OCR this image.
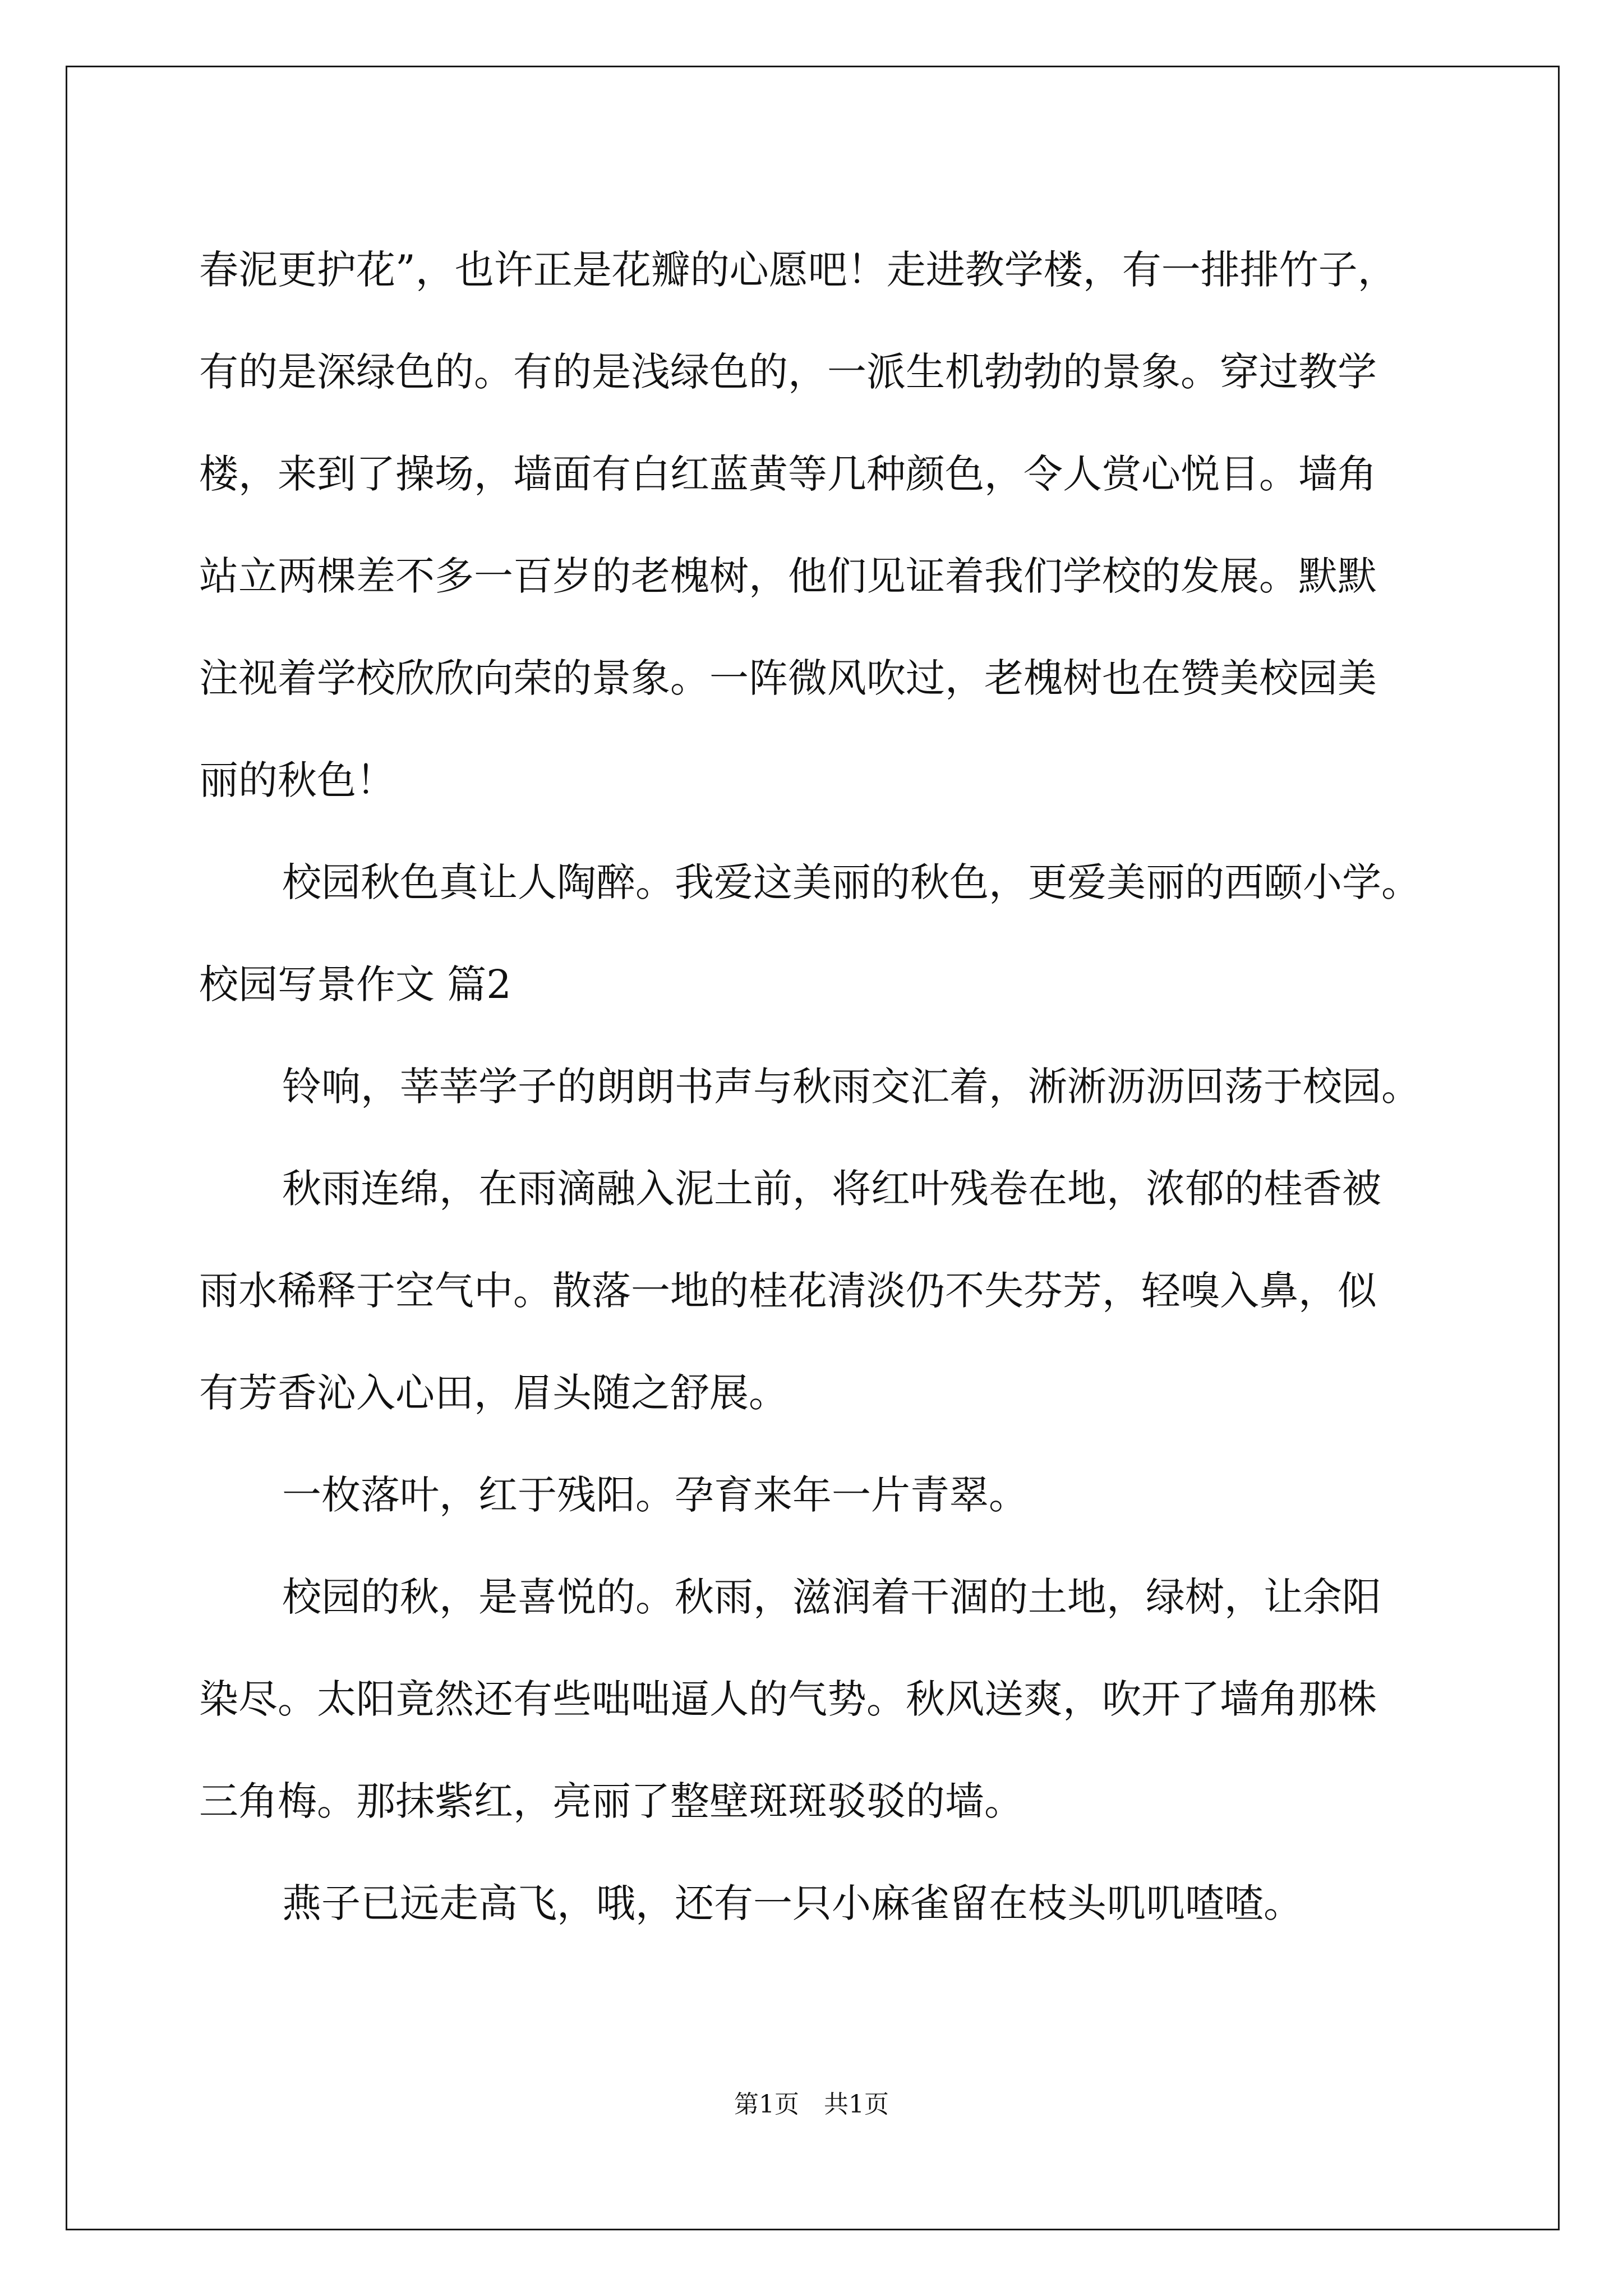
春泥更护花”，也许正是花瓣的心愿吧！走进教学楼，有一排排竹子，
有的是深绿色的。有的是浅绿色的，一派生机勃勃的景象。穿过教学
楼，来到了操场，墙面有白红蓝黄等几种颜色，令人赏心悦目。墙角
站立两棵差不多一百岁的老槐树，他们见证着我们学校的发展。默默
注视着学校欣欣向荣的景象。一阵微风吹过，老槐树也在赞美校园美
丽的秋色！
校园秋色真让人陶醉。我爱这美丽的秋色，更爱美丽的西颐小学。
校园写景作文 篇2
铃响，莘莘学子的朗朗书声与秋雨交汇着，淅淅沥沥回荡于校园。
秋雨连绵，在雨滴融入泥土前，将红叶残卷在地，浓郁的桂香被
雨水稀释于空气中。散落一地的桂花清淡仍不失芬芳，轻嗅入鼻，似
有芳香沁入心田，眉头随之舒展。
一枚落叶，红于残阳。孕育来年一片青翠。
校园的秋，是喜悦的。秋雨，滋润着干涸的土地，绿树，让余阳
染尽。太阳竟然还有些咄咄逼人的气势。秋风送爽，吹开了墙角那株
三角梅。那抹紫红，亮丽了整壁斑斑驳驳的墙。
燕子已远走高飞，哦，还有一只小麻雀留在枝头叽叽喳喳。
第1页　共1页
